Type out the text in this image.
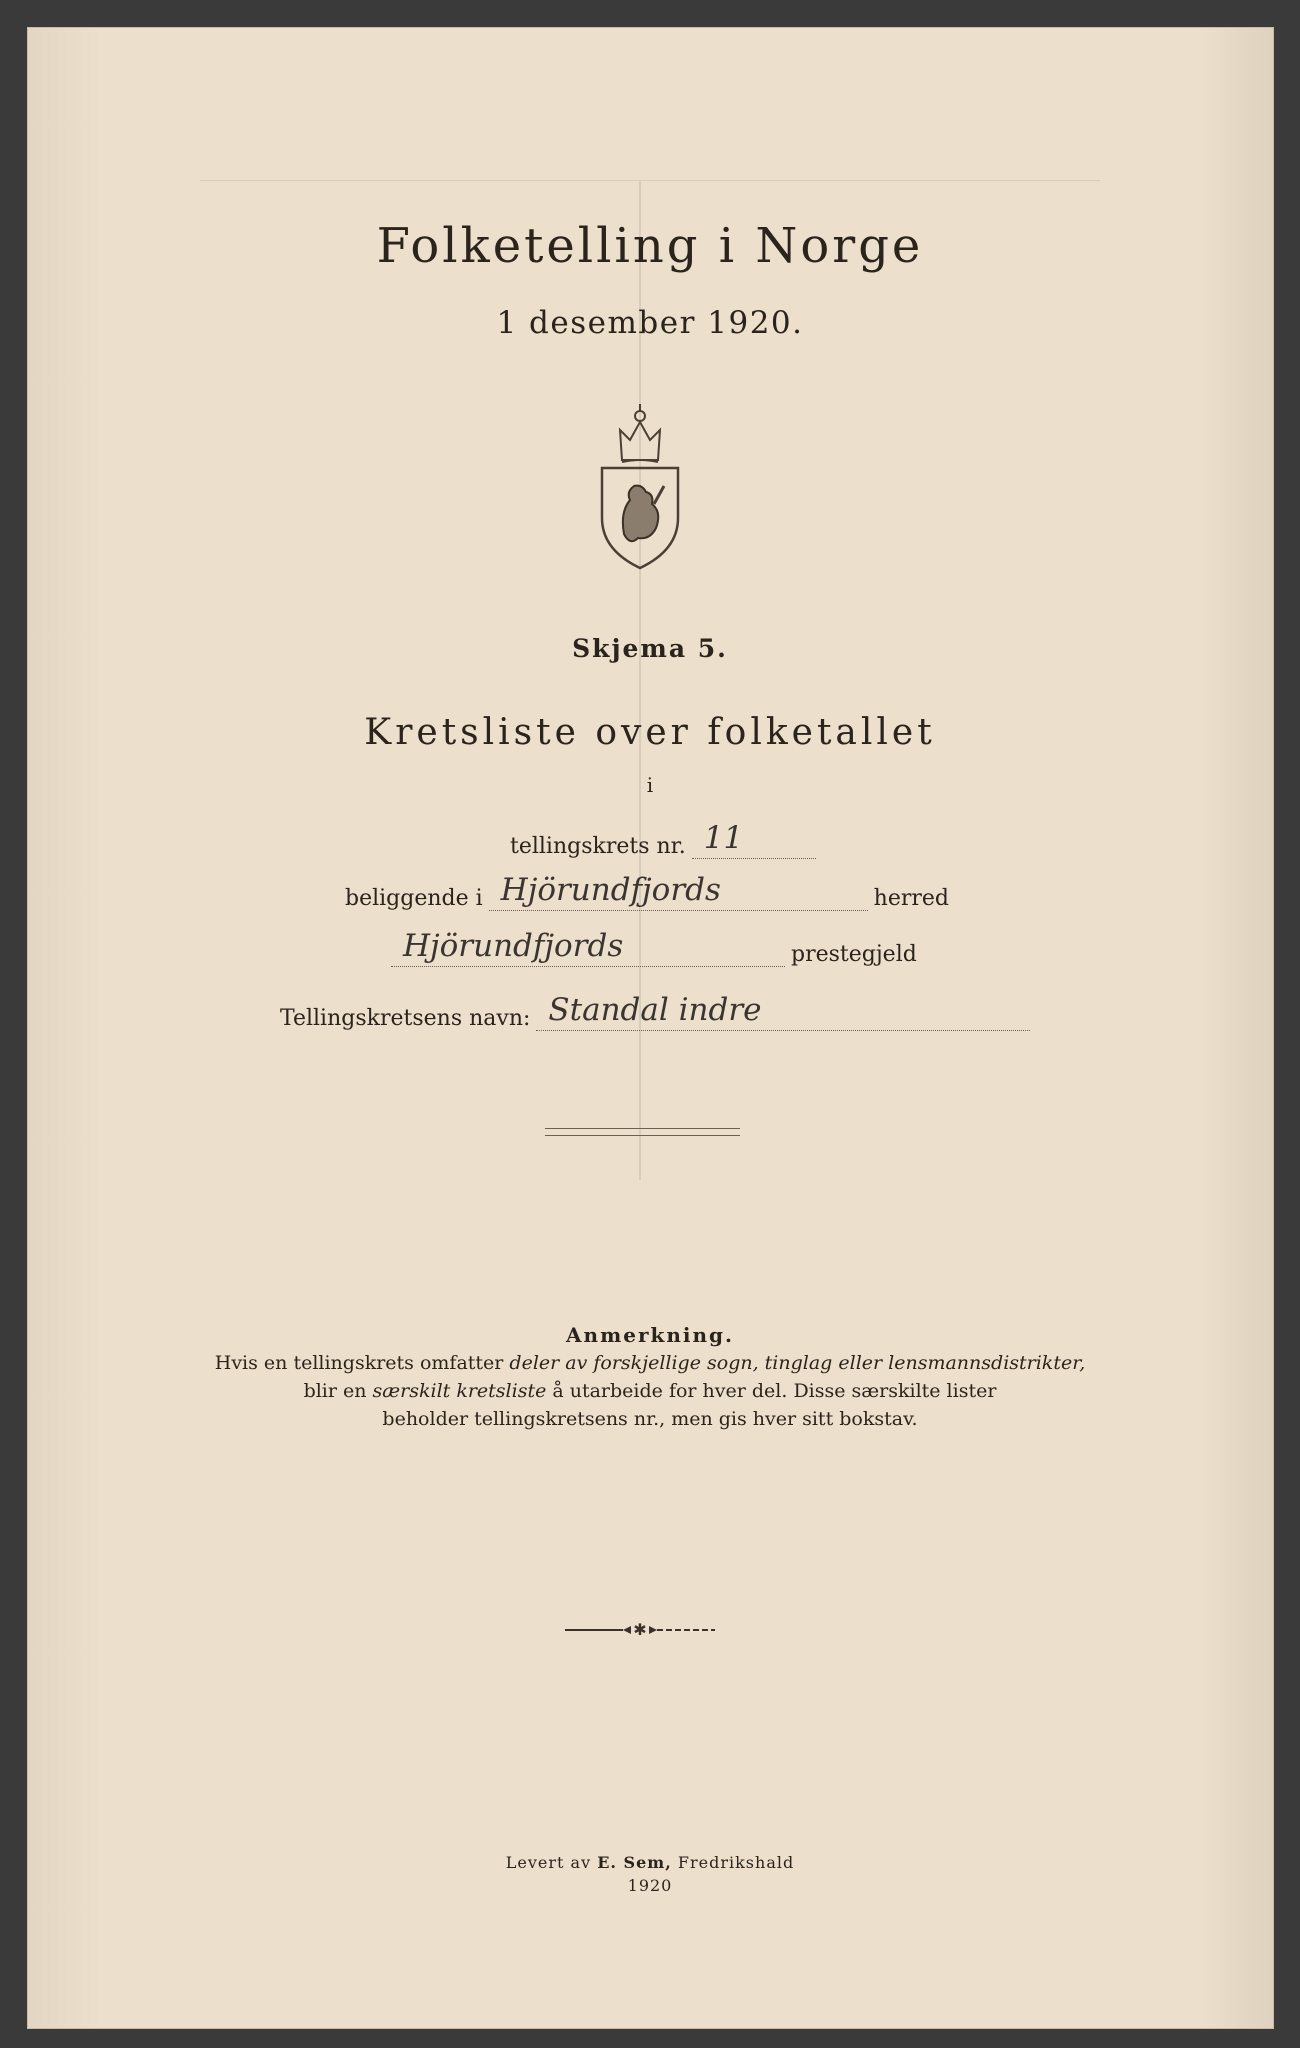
Folketelling i Norge
1 desember 1920.
Skjema 5.
Kretsliste over folketallet
i
tellingskrets nr. 11
beliggende i Hjörundfjords	herred
Hjörundfjords	prestegjeld
Tellingskretsens navn: Standal indre
Anmerkning.
Hvis en tellingskrets omfatter deler av forskjellige sogn, tinglag eller lensmannsdistrikter,
blir en særskilt kretsliste å utarbeide for hver del. Disse særskilte lister
beholder tellingskretsens nr., men gis hver sitt bokstav.
✱
Levert av E. Sem, Fredrikshald
1920
